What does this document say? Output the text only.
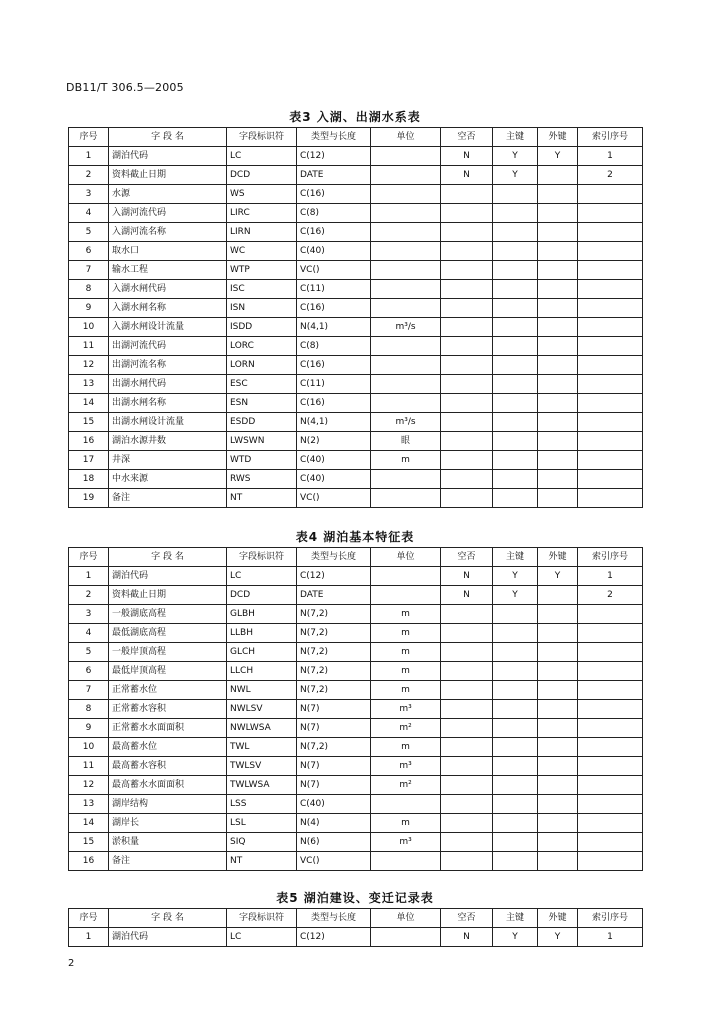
DB11/T 306.5—2005
表3 入湖、出湖水系表
序号	字 段 名	字段标识符	类型与长度	单位	空否	主键	外键	索引序号
1	湖泊代码	LC	C(12)		N	Y	Y	1
2	资料截止日期	DCD	DATE		N	Y		2
3	水源	WS	C(16)					
4	入湖河流代码	LIRC	C(8)					
5	入湖河流名称	LIRN	C(16)					
6	取水口	WC	C(40)					
7	输水工程	WTP	VC()					
8	入湖水闸代码	ISC	C(11)					
9	入湖水闸名称	ISN	C(16)					
10	入湖水闸设计流量	ISDD	N(4,1)	m³/s				
11	出湖河流代码	LORC	C(8)					
12	出湖河流名称	LORN	C(16)					
13	出湖水闸代码	ESC	C(11)					
14	出湖水闸名称	ESN	C(16)					
15	出湖水闸设计流量	ESDD	N(4,1)	m³/s				
16	湖泊水源井数	LWSWN	N(2)	眼				
17	井深	WTD	C(40)	m				
18	中水来源	RWS	C(40)					
19	备注	NT	VC()					
表4 湖泊基本特征表
序号	字 段 名	字段标识符	类型与长度	单位	空否	主键	外键	索引序号
1	湖泊代码	LC	C(12)		N	Y	Y	1
2	资料截止日期	DCD	DATE		N	Y		2
3	一般湖底高程	GLBH	N(7,2)	m				
4	最低湖底高程	LLBH	N(7,2)	m				
5	一般岸顶高程	GLCH	N(7,2)	m				
6	最低岸顶高程	LLCH	N(7,2)	m				
7	正常蓄水位	NWL	N(7,2)	m				
8	正常蓄水容积	NWLSV	N(7)	m³				
9	正常蓄水水面面积	NWLWSA	N(7)	m²				
10	最高蓄水位	TWL	N(7,2)	m				
11	最高蓄水容积	TWLSV	N(7)	m³				
12	最高蓄水水面面积	TWLWSA	N(7)	m²				
13	湖岸结构	LSS	C(40)					
14	湖岸长	LSL	N(4)	m				
15	淤积量	SIQ	N(6)	m³				
16	备注	NT	VC()					
表5 湖泊建设、变迁记录表
序号	字 段 名	字段标识符	类型与长度	单位	空否	主键	外键	索引序号
1	湖泊代码	LC	C(12)		N	Y	Y	1
2
